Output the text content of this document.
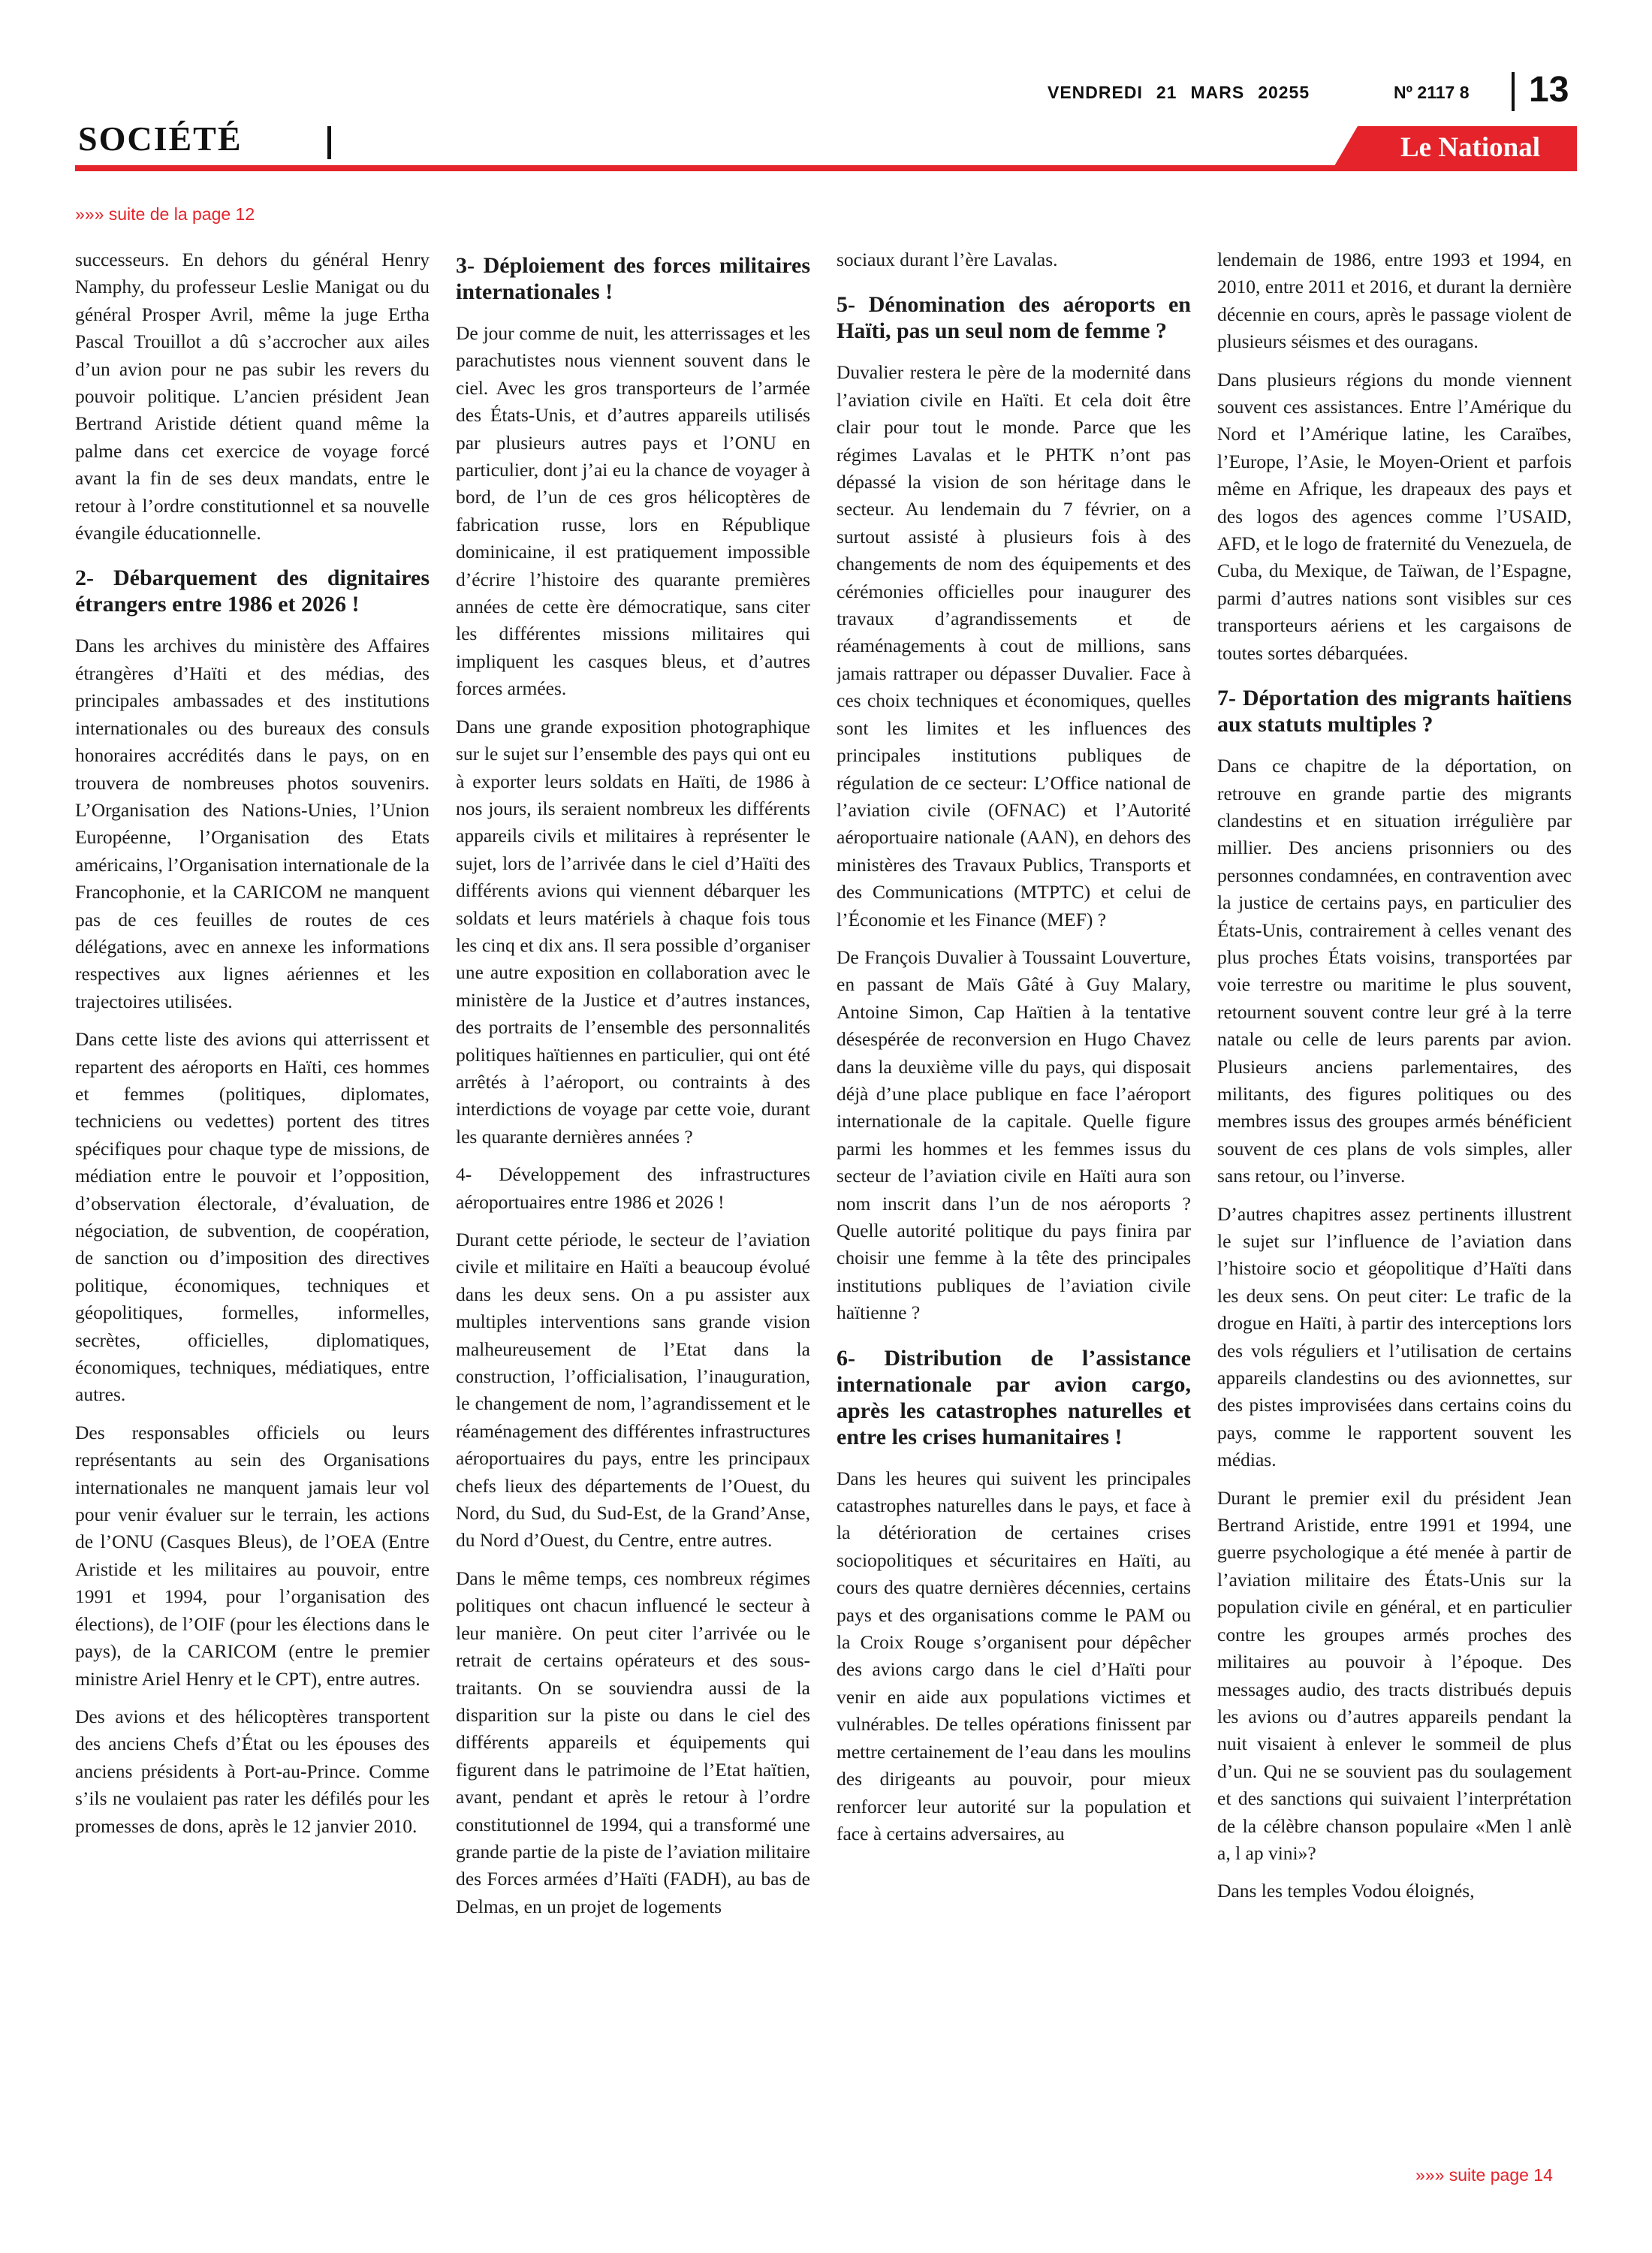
VENDREDI 21 MARS 20255	Nº 2117 8 13
SOCIÉTÉ	Le National
»»» suite de la page 12

successeurs. En dehors du général Henry Namphy, du professeur Leslie Manigat ou du général Prosper Avril, même la juge Ertha Pascal Trouillot a dû s’accrocher aux ailes d’un avion pour ne pas subir les revers du pouvoir politique. L’ancien président Jean Bertrand Aristide détient quand même la palme dans cet exercice de voyage forcé avant la fin de ses deux mandats, entre le retour à l’ordre constitutionnel et sa nouvelle évangile éducationnelle.

2- Débarquement des dignitaires étrangers entre 1986 et 2026 !

Dans les archives du ministère des Affaires étrangères d’Haïti et des médias, des principales ambassades et des institutions internationales ou des bureaux des consuls honoraires accrédités dans le pays, on en trouvera de nombreuses photos souvenirs. L’Organisation des Nations-Unies, l’Union Européenne, l’Organisation des Etats américains, l’Organisation internationale de la Francophonie, et la CARICOM ne manquent pas de ces feuilles de routes de ces délégations, avec en annexe les informations respectives aux lignes aériennes et les trajectoires utilisées.

Dans cette liste des avions qui atterrissent et repartent des aéroports en Haïti, ces hommes et femmes (politiques, diplomates, techniciens ou vedettes) portent des titres spécifiques pour chaque type de missions, de médiation entre le pouvoir et l’opposition, d’observation électorale, d’évaluation, de négociation, de subvention, de coopération, de sanction ou d’imposition des directives politique, économiques, techniques et géopolitiques, formelles, informelles, secrètes, officielles, diplomatiques, économiques, techniques, médiatiques, entre autres.

Des responsables officiels ou leurs représentants au sein des Organisations internationales ne manquent jamais leur vol pour venir évaluer sur le terrain, les actions de l’ONU (Casques Bleus), de l’OEA (Entre Aristide et les militaires au pouvoir, entre 1991 et 1994, pour l’organisation des élections), de l’OIF (pour les élections dans le pays), de la CARICOM (entre le premier ministre Ariel Henry et le CPT), entre autres.

Des avions et des hélicoptères transportent des anciens Chefs d’État ou les épouses des anciens présidents à Port-au-Prince. Comme s’ils ne voulaient pas rater les défilés pour les promesses de dons, après le 12 janvier 2010.

3- Déploiement des forces militaires internationales !

De jour comme de nuit, les atterrissages et les parachutistes nous viennent souvent dans le ciel. Avec les gros transporteurs de l’armée des États-Unis, et d’autres appareils utilisés par plusieurs autres pays et l’ONU en particulier, dont j’ai eu la chance de voyager à bord, de l’un de ces gros hélicoptères de fabrication russe, lors en République dominicaine, il est pratiquement impossible d’écrire l’histoire des quarante premières années de cette ère démocratique, sans citer les différentes missions militaires qui impliquent les casques bleus, et d’autres forces armées.

Dans une grande exposition photographique sur le sujet sur l’ensemble des pays qui ont eu à exporter leurs soldats en Haïti, de 1986 à nos jours, ils seraient nombreux les différents appareils civils et militaires à représenter le sujet, lors de l’arrivée dans le ciel d’Haïti des différents avions qui viennent débarquer les soldats et leurs matériels à chaque fois tous les cinq et dix ans. Il sera possible d’organiser une autre exposition en collaboration avec le ministère de la Justice et d’autres instances, des portraits de l’ensemble des personnalités politiques haïtiennes en particulier, qui ont été arrêtés à l’aéroport, ou contraints à des interdictions de voyage par cette voie, durant les quarante dernières années ?

4- Développement des infrastructures aéroportuaires entre 1986 et 2026 !

Durant cette période, le secteur de l’aviation civile et militaire en Haïti a beaucoup évolué dans les deux sens. On a pu assister aux multiples interventions sans grande vision malheureusement de l’Etat dans la construction, l’officialisation, l’inauguration, le changement de nom, l’agrandissement et le réaménagement des différentes infrastructures aéroportuaires du pays, entre les principaux chefs lieux des départements de l’Ouest, du Nord, du Sud, du Sud-Est, de la Grand’Anse, du Nord d’Ouest, du Centre, entre autres.

Dans le même temps, ces nombreux régimes politiques ont chacun influencé le secteur à leur manière. On peut citer l’arrivée ou le retrait de certains opérateurs et des sous-traitants. On se souviendra aussi de la disparition sur la piste ou dans le ciel des différents appareils et équipements qui figurent dans le patrimoine de l’Etat haïtien, avant, pendant et après le retour à l’ordre constitutionnel de 1994, qui a transformé une grande partie de la piste de l’aviation militaire des Forces armées d’Haïti (FADH), au bas de Delmas, en un projet de logements

sociaux durant l’ère Lavalas.

5- Dénomination des aéroports en Haïti, pas un seul nom de femme ?

Duvalier restera le père de la modernité dans l’aviation civile en Haïti. Et cela doit être clair pour tout le monde. Parce que les régimes Lavalas et le PHTK n’ont pas dépassé la vision de son héritage dans le secteur. Au lendemain du 7 février, on a surtout assisté à plusieurs fois à des changements de nom des équipements et des cérémonies officielles pour inaugurer des travaux d’agrandissements et de réaménagements à cout de millions, sans jamais rattraper ou dépasser Duvalier. Face à ces choix techniques et économiques, quelles sont les limites et les influences des principales institutions publiques de régulation de ce secteur: L’Office national de l’aviation civile (OFNAC) et l’Autorité aéroportuaire nationale (AAN), en dehors des ministères des Travaux Publics, Transports et des Communications (MTPTC) et celui de l’Économie et les Finance (MEF) ?

De François Duvalier à Toussaint Louverture, en passant de Maïs Gâté à Guy Malary, Antoine Simon, Cap Haïtien à la tentative désespérée de reconversion en Hugo Chavez dans la deuxième ville du pays, qui disposait déjà d’une place publique en face l’aéroport internationale de la capitale. Quelle figure parmi les hommes et les femmes issus du secteur de l’aviation civile en Haïti aura son nom inscrit dans l’un de nos aéroports ? Quelle autorité politique du pays finira par choisir une femme à la tête des principales institutions publiques de l’aviation civile haïtienne ?

6- Distribution de l’assistance internationale par avion cargo, après les catastrophes naturelles et entre les crises humanitaires !

Dans les heures qui suivent les principales catastrophes naturelles dans le pays, et face à la détérioration de certaines crises sociopolitiques et sécuritaires en Haïti, au cours des quatre dernières décennies, certains pays et des organisations comme le PAM ou la Croix Rouge s’organisent pour dépêcher des avions cargo dans le ciel d’Haïti pour venir en aide aux populations victimes et vulnérables. De telles opérations finissent par mettre certainement de l’eau dans les moulins des dirigeants au pouvoir, pour mieux renforcer leur autorité sur la population et face à certains adversaires, au

lendemain de 1986, entre 1993 et 1994, en 2010, entre 2011 et 2016, et durant la dernière décennie en cours, après le passage violent de plusieurs séismes et des ouragans.

Dans plusieurs régions du monde viennent souvent ces assistances. Entre l’Amérique du Nord et l’Amérique latine, les Caraïbes, l’Europe, l’Asie, le Moyen-Orient et parfois même en Afrique, les drapeaux des pays et des logos des agences comme l’USAID, AFD, et le logo de fraternité du Venezuela, de Cuba, du Mexique, de Taïwan, de l’Espagne, parmi d’autres nations sont visibles sur ces transporteurs aériens et les cargaisons de toutes sortes débarquées.

7- Déportation des migrants haïtiens aux statuts multiples ?

Dans ce chapitre de la déportation, on retrouve en grande partie des migrants clandestins et en situation irrégulière par millier. Des anciens prisonniers ou des personnes condamnées, en contravention avec la justice de certains pays, en particulier des États-Unis, contrairement à celles venant des plus proches États voisins, transportées par voie terrestre ou maritime le plus souvent, retournent souvent contre leur gré à la terre natale ou celle de leurs parents par avion. Plusieurs anciens parlementaires, des militants, des figures politiques ou des membres issus des groupes armés bénéficient souvent de ces plans de vols simples, aller sans retour, ou l’inverse.

D’autres chapitres assez pertinents illustrent le sujet sur l’influence de l’aviation dans l’histoire socio et géopolitique d’Haïti dans les deux sens. On peut citer: Le trafic de la drogue en Haïti, à partir des interceptions lors des vols réguliers et l’utilisation de certains appareils clandestins ou des avionnettes, sur des pistes improvisées dans certains coins du pays, comme le rapportent souvent les médias.

Durant le premier exil du président Jean Bertrand Aristide, entre 1991 et 1994, une guerre psychologique a été menée à partir de l’aviation militaire des États-Unis sur la population civile en général, et en particulier contre les groupes armés proches des militaires au pouvoir à l’époque. Des messages audio, des tracts distribués depuis les avions ou d’autres appareils pendant la nuit visaient à enlever le sommeil de plus d’un. Qui ne se souvient pas du soulagement et des sanctions qui suivaient l’interprétation de la célèbre chanson populaire «Men l anlè a, l ap vini»?

Dans les temples Vodou éloignés,

»»» suite page 14
